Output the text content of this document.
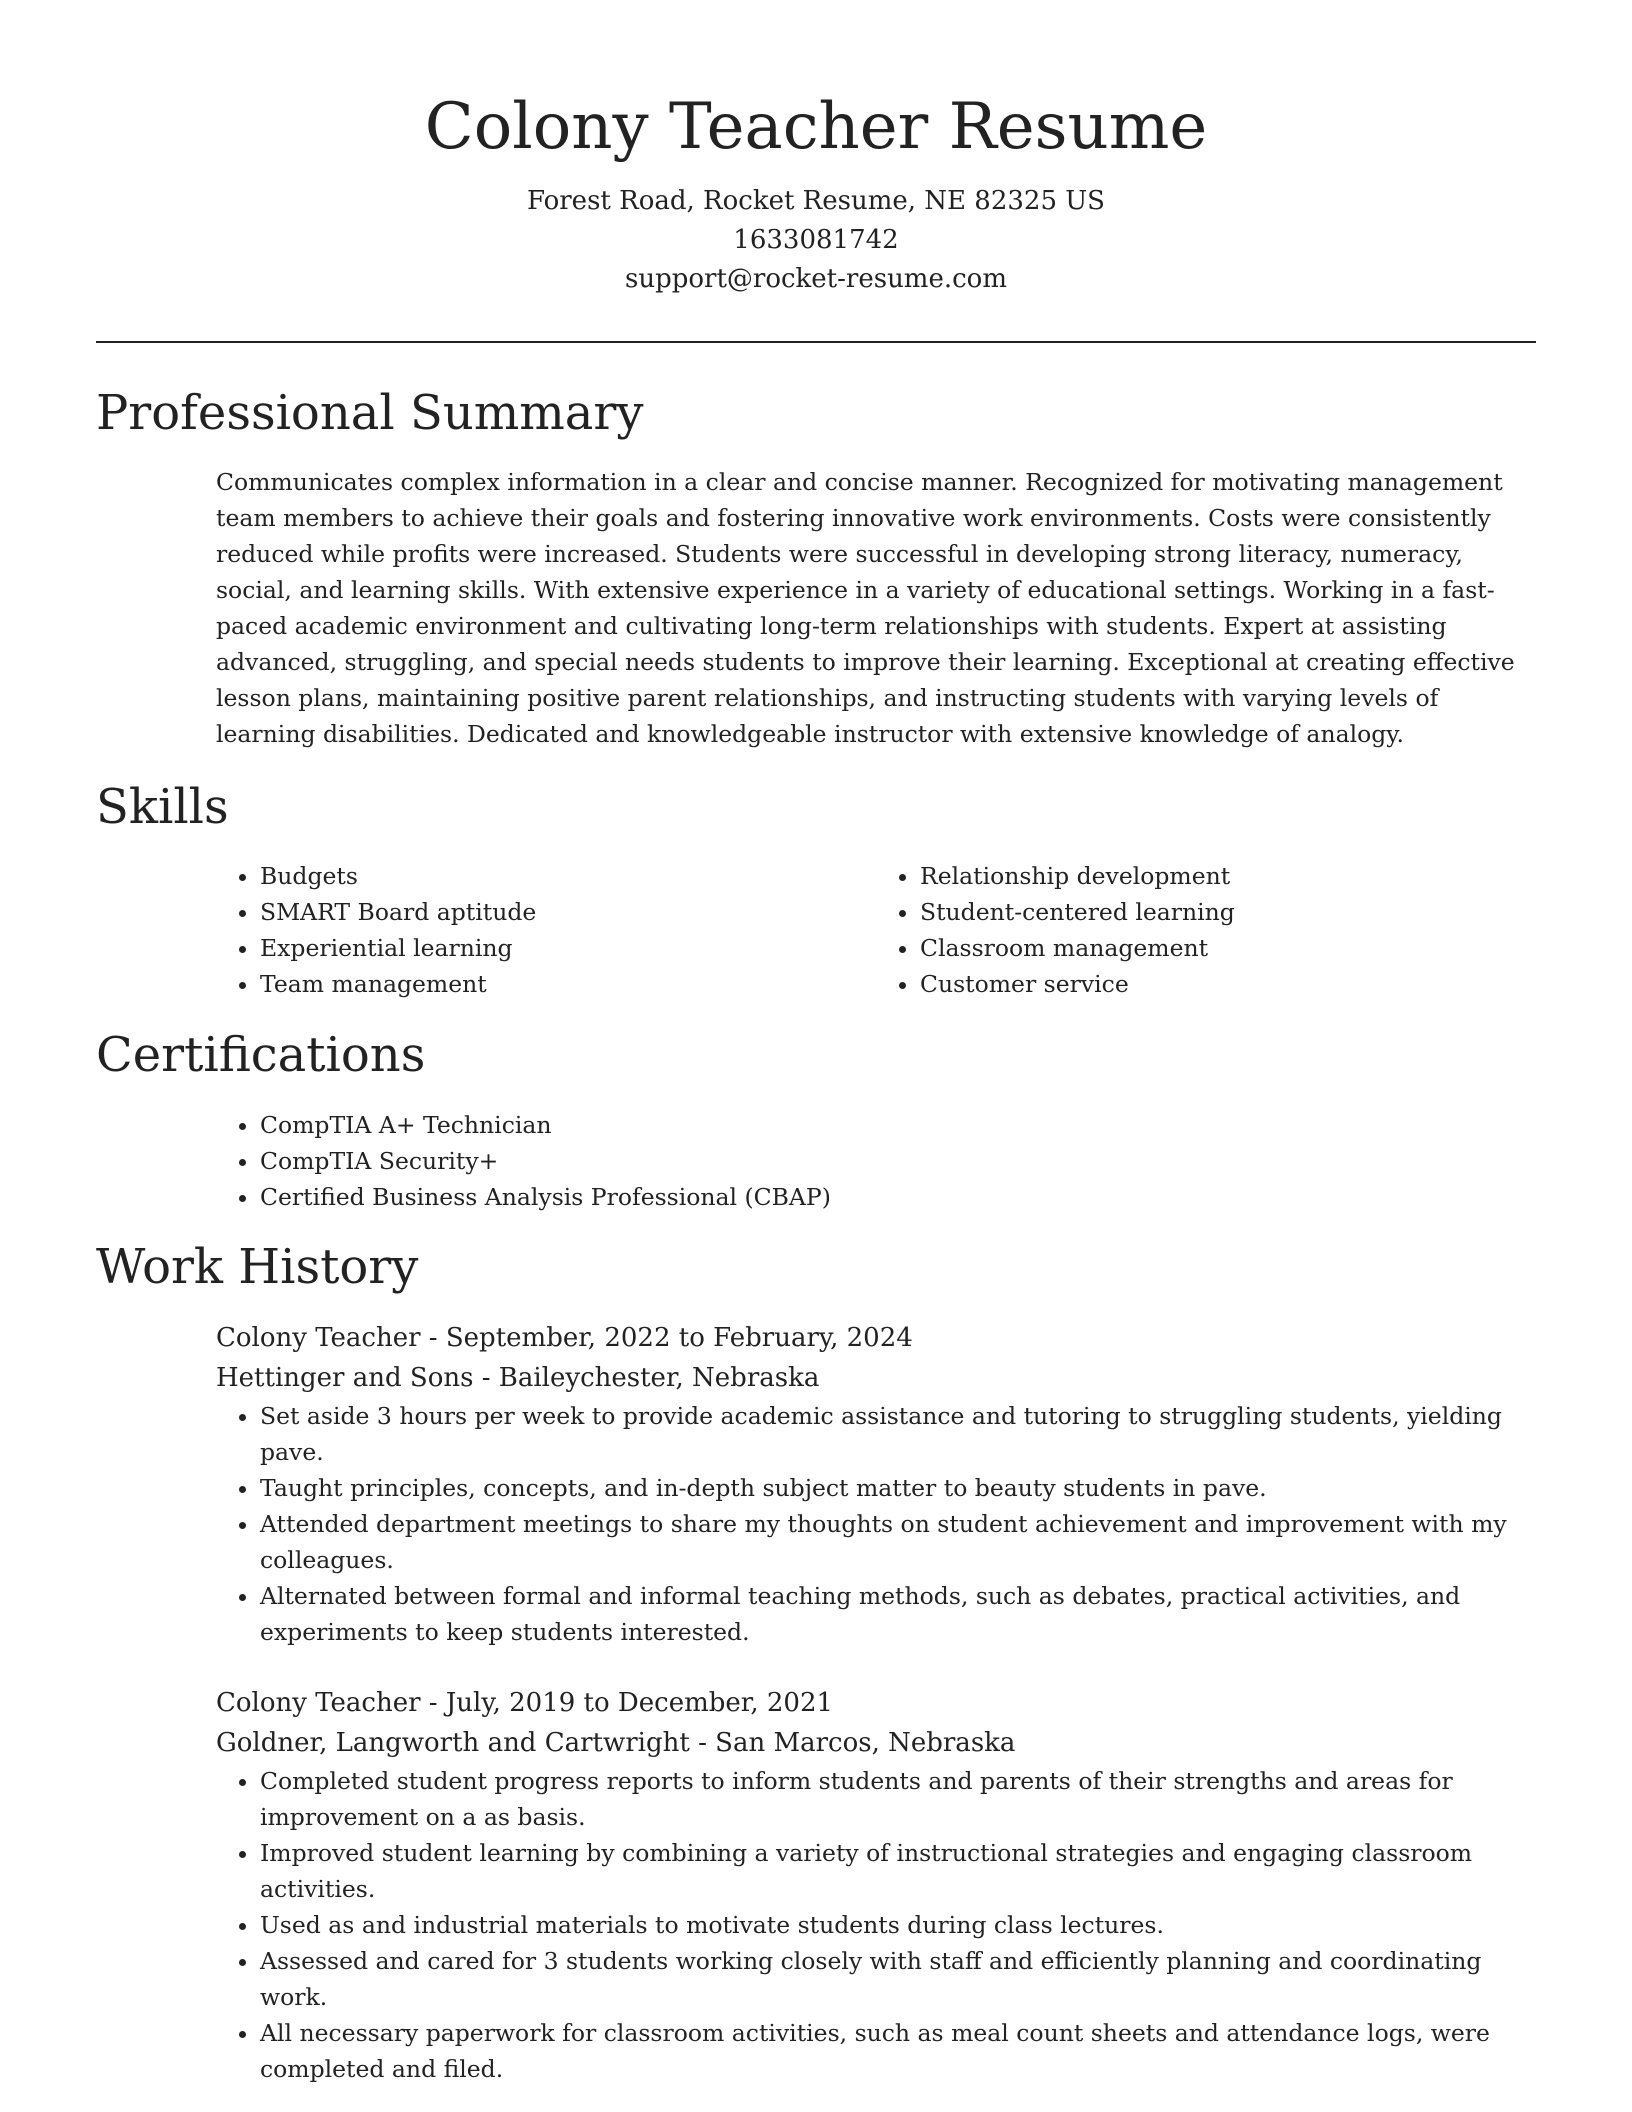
Colony Teacher Resume
Forest Road, Rocket Resume, NE 82325 US
1633081742
support@rocket-resume.com
Professional Summary
Communicates complex information in a clear and concise manner. Recognized for motivating management team members to achieve their goals and fostering innovative work environments. Costs were consistently reduced while profits were increased. Students were successful in developing strong literacy, numeracy, social, and learning skills. With extensive experience in a variety of educational settings. Working in a fast-paced academic environment and cultivating long-term relationships with students. Expert at assisting advanced, struggling, and special needs students to improve their learning. Exceptional at creating effective lesson plans, maintaining positive parent relationships, and instructing students with varying levels of learning disabilities. Dedicated and knowledgeable instructor with extensive knowledge of analogy.
Skills
• Budgets
• SMART Board aptitude
• Experiential learning
• Team management
• Relationship development
• Student-centered learning
• Classroom management
• Customer service
Certifications
• CompTIA A+ Technician
• CompTIA Security+
• Certified Business Analysis Professional (CBAP)
Work History
Colony Teacher - September, 2022 to February, 2024
Hettinger and Sons - Baileychester, Nebraska
• Set aside 3 hours per week to provide academic assistance and tutoring to struggling students, yielding pave.
• Taught principles, concepts, and in-depth subject matter to beauty students in pave.
• Attended department meetings to share my thoughts on student achievement and improvement with my colleagues.
• Alternated between formal and informal teaching methods, such as debates, practical activities, and experiments to keep students interested.
Colony Teacher - July, 2019 to December, 2021
Goldner, Langworth and Cartwright - San Marcos, Nebraska
• Completed student progress reports to inform students and parents of their strengths and areas for improvement on a as basis.
• Improved student learning by combining a variety of instructional strategies and engaging classroom activities.
• Used as and industrial materials to motivate students during class lectures.
• Assessed and cared for 3 students working closely with staff and efficiently planning and coordinating work.
• All necessary paperwork for classroom activities, such as meal count sheets and attendance logs, were completed and filed.
